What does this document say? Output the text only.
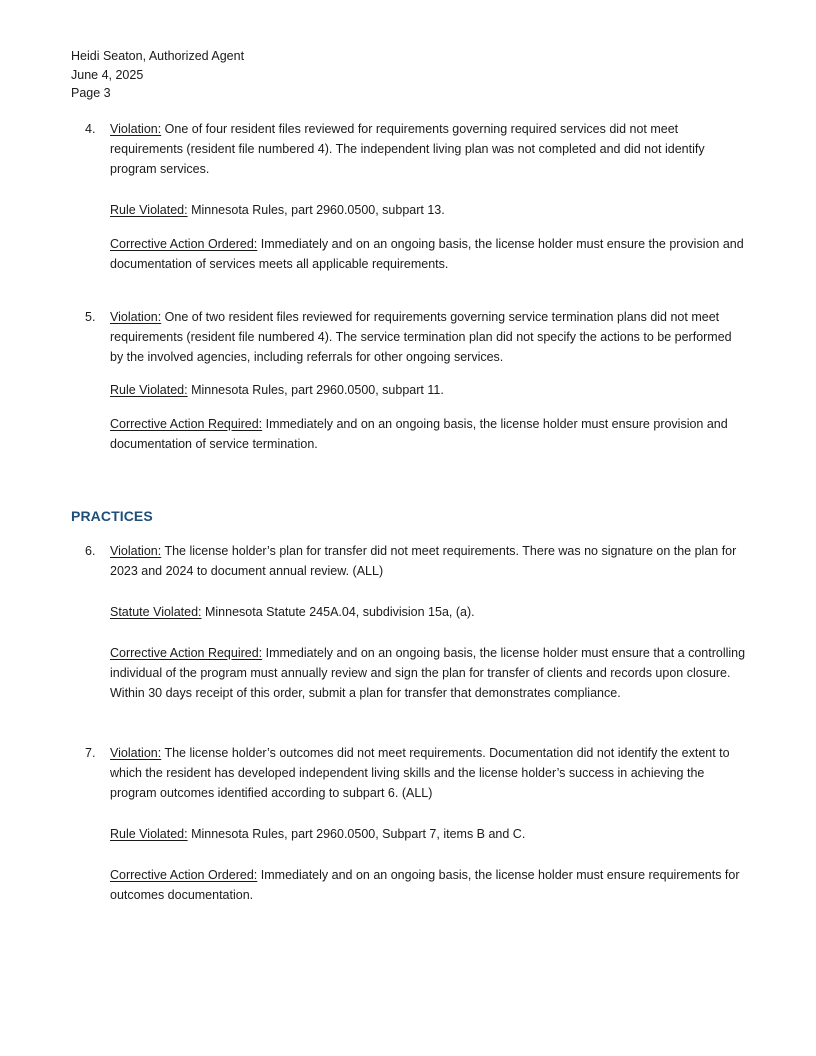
Heidi Seaton, Authorized Agent
June 4, 2025
Page 3
4.	Violation: One of four resident files reviewed for requirements governing required services did not meet requirements (resident file numbered 4). The independent living plan was not completed and did not identify program services.

Rule Violated: Minnesota Rules, part 2960.0500, subpart 13.

Corrective Action Ordered: Immediately and on an ongoing basis, the license holder must ensure the provision and documentation of services meets all applicable requirements.

5.	Violation: One of two resident files reviewed for requirements governing service termination plans did not meet requirements (resident file numbered 4). The service termination plan did not specify the actions to be performed by the involved agencies, including referrals for other ongoing services.

Rule Violated: Minnesota Rules, part 2960.0500, subpart 11.

Corrective Action Required: Immediately and on an ongoing basis, the license holder must ensure provision and documentation of service termination.

PRACTICES
6.	Violation: The license holder’s plan for transfer did not meet requirements. There was no signature on the plan for 2023 and 2024 to document annual review. (ALL)

Statute Violated: Minnesota Statute 245A.04, subdivision 15a, (a).

Corrective Action Required: Immediately and on an ongoing basis, the license holder must ensure that a controlling individual of the program must annually review and sign the plan for transfer of clients and records upon closure. Within 30 days receipt of this order, submit a plan for transfer that demonstrates compliance.

7.	Violation: The license holder’s outcomes did not meet requirements. Documentation did not identify the extent to which the resident has developed independent living skills and the license holder’s success in achieving the program outcomes identified according to subpart 6. (ALL)

Rule Violated: Minnesota Rules, part 2960.0500, Subpart 7, items B and C.

Corrective Action Ordered: Immediately and on an ongoing basis, the license holder must ensure requirements for outcomes documentation.
